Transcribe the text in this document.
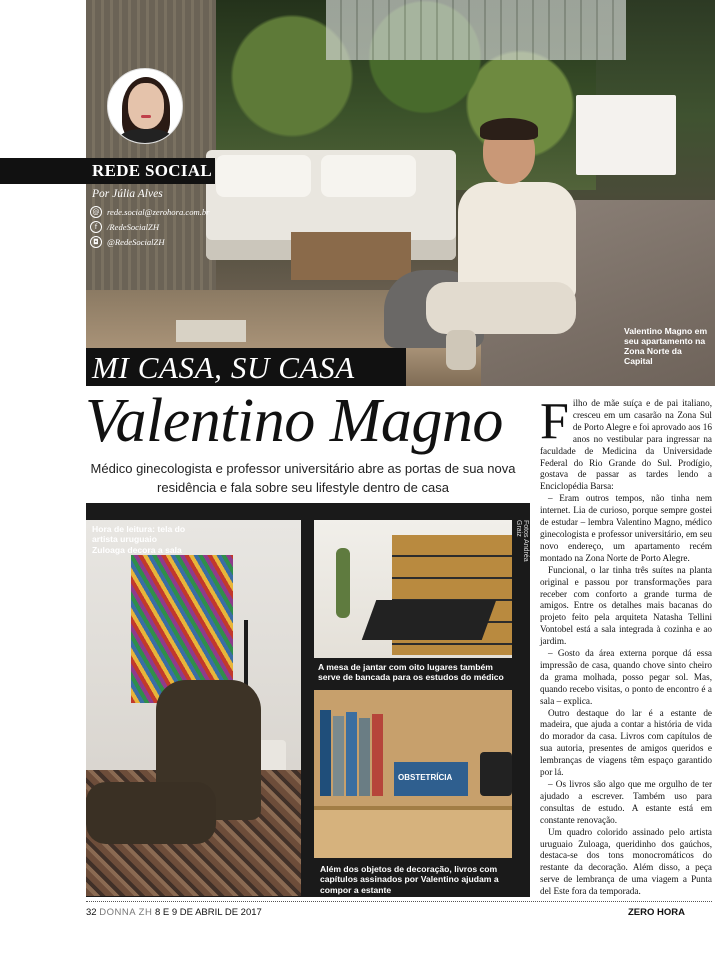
Valentino Magno em seu apartamento na Zona Norte da Capital
REDE SOCIAL
Por Júlia Alves
@ rede.social@zerohora.com.br
f	/RedeSocialZH
◘ @RedeSocialZH
MI CASA, SU CASA
Valentino Magno
Médico ginecologista e professor universitário abre as portas de sua nova residência e fala sobre seu lifestyle dentro de casa

Filho de mãe suíça e de pai italiano, cresceu em um casarão na Zona Sul de Porto Alegre e foi aprovado aos 16 anos no vestibular para ingressar na faculdade de Medicina da Universidade Federal do Rio Grande do Sul. Prodígio, gostava de passar as tardes lendo a Enciclopédia Barsa:

– Eram outros tempos, não tinha nem internet. Lia de curioso, porque sempre gostei de estudar – lembra Valentino Magno, médico ginecologista e professor universitário, em seu novo endereço, um apartamento recém montado na Zona Norte de Porto Alegre.

Funcional, o lar tinha três suítes na planta original e passou por transformações para receber com conforto a grande turma de amigos. Entre os detalhes mais bacanas do projeto feito pela arquiteta Natasha Tellini Vontobel está a sala integrada à cozinha e ao jardim.

– Gosto da área externa porque dá essa impressão de casa, quando chove sinto cheiro da grama molhada, posso pegar sol. Mas, quando recebo visitas, o ponto de encontro é a sala – explica.

Outro destaque do lar é a estante de madeira, que ajuda a contar a história de vida do morador da casa. Livros com capítulos de sua autoria, presentes de amigos queridos e lembranças de viagens têm espaço garantido por lá.

– Os livros são algo que me orgulho de ter ajudado a escrever. Também uso para consultas de estudo. A estante está em constante renovação.

Um quadro colorido assinado pelo artista uruguaio Zuloaga, queridinho dos gaúchos, destaca-se dos tons monocromáticos do restante da decoração. Além disso, a peça serve de lembrança de uma viagem a Punta del Este fora da temporada.

Hora de leitura: tela do artista uruguaio Zuloaga decora a sala
A mesa de jantar com oito lugares também serve de bancada para os estudos do médico
OBSTETRÍCIA
Além dos objetos de decoração, livros com capítulos assinados por Valentino ajudam a compor a estante
Fotos Andréa Graiz
32 DONNA ZH 8 E 9 DE ABRIL DE 2017	ZERO HORA
